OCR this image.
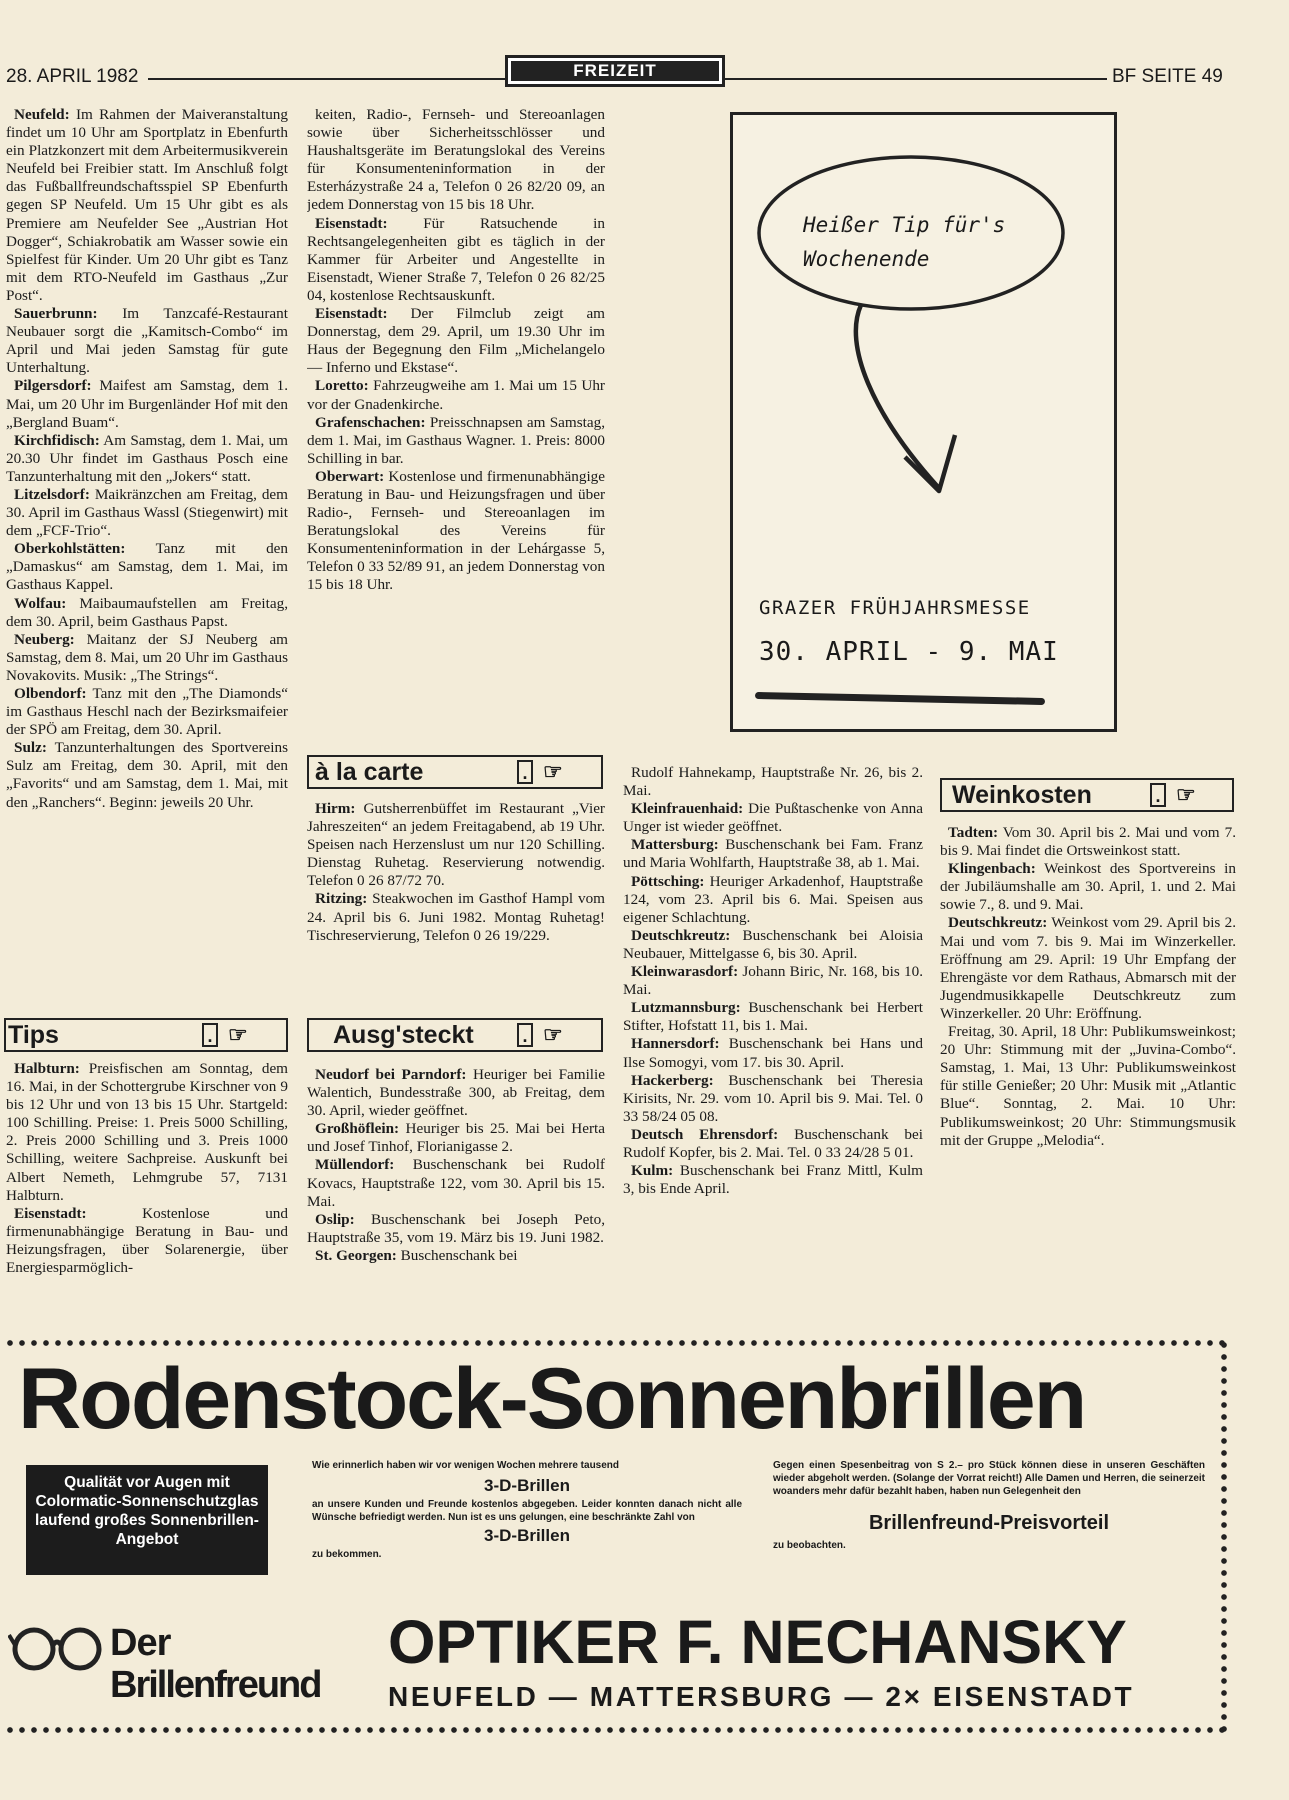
28. APRIL 1982	FREIZEIT	BF SEITE 49

Neufeld: Im Rahmen der Maiveranstaltung findet um 10 Uhr am Sportplatz in Ebenfurth ein Platzkonzert mit dem Arbeitermusikverein Neufeld bei Freibier statt. Im Anschluß folgt das Fußballfreundschaftsspiel SP Ebenfurth gegen SP Neufeld. Um 15 Uhr gibt es als Premiere am Neufelder See „Austrian Hot Dogger“, Schiakrobatik am Wasser sowie ein Spielfest für Kinder. Um 20 Uhr gibt es Tanz mit dem RTO-Neufeld im Gasthaus „Zur Post“.

Sauerbrunn: Im Tanzcafé-Restaurant Neubauer sorgt die „Kamitsch-Combo“ im April und Mai jeden Samstag für gute Unterhaltung.

Pilgersdorf: Maifest am Samstag, dem 1. Mai, um 20 Uhr im Burgenländer Hof mit den „Bergland Buam“.

Kirchfidisch: Am Samstag, dem 1. Mai, um 20.30 Uhr findet im Gasthaus Posch eine Tanzunterhaltung mit den „Jokers“ statt.

Litzelsdorf: Maikränzchen am Freitag, dem 30. April im Gasthaus Wassl (Stiegenwirt) mit dem „FCF-Trio“.

Oberkohlstätten: Tanz mit den „Damaskus“ am Samstag, dem 1. Mai, im Gasthaus Kappel.

Wolfau: Maibaumaufstellen am Freitag, dem 30. April, beim Gasthaus Papst.

Neuberg: Maitanz der SJ Neuberg am Samstag, dem 8. Mai, um 20 Uhr im Gasthaus Novakovits. Musik: „The Strings“.

Olbendorf: Tanz mit den „The Diamonds“ im Gasthaus Heschl nach der Bezirksmaifeier der SPÖ am Freitag, dem 30. April.

Sulz: Tanzunterhaltungen des Sportvereins Sulz am Freitag, dem 30. April, mit den „Favorits“ und am Samstag, dem 1. Mai, mit den „Ranchers“. Beginn: jeweils 20 Uhr.

Tips	. ☞

Halbturn: Preisfischen am Sonntag, dem 16. Mai, in der Schottergrube Kirschner von 9 bis 12 Uhr und von 13 bis 15 Uhr. Startgeld: 100 Schilling. Preise: 1. Preis 5000 Schilling, 2. Preis 2000 Schilling und 3. Preis 1000 Schilling, weitere Sachpreise. Auskunft bei Albert Nemeth, Lehmgrube 57, 7131 Halbturn.

Eisenstadt: Kostenlose und firmenunabhängige Beratung in Bau- und Heizungsfragen, über Solarenergie, über Energiesparmöglich-

keiten, Radio-, Fernseh- und Stereoanlagen sowie über Sicherheitsschlösser und Haushaltsgeräte im Beratungslokal des Vereins für Konsumenteninformation in der Esterházystraße 24 a, Telefon 0 26 82/20 09, an jedem Donnerstag von 15 bis 18 Uhr.

Eisenstadt: Für Ratsuchende in Rechtsangelegenheiten gibt es täglich in der Kammer für Arbeiter und Angestellte in Eisenstadt, Wiener Straße 7, Telefon 0 26 82/25 04, kostenlose Rechtsauskunft.

Eisenstadt: Der Filmclub zeigt am Donnerstag, dem 29. April, um 19.30 Uhr im Haus der Begegnung den Film „Michelangelo — Inferno und Ekstase“.

Loretto: Fahrzeugweihe am 1. Mai um 15 Uhr vor der Gnadenkirche.

Grafenschachen: Preisschnapsen am Samstag, dem 1. Mai, im Gasthaus Wagner. 1. Preis: 8000 Schilling in bar.

Oberwart: Kostenlose und firmenunabhängige Beratung in Bau- und Heizungsfragen und über Radio-, Fernseh- und Stereoanlagen im Beratungslokal des Vereins für Konsumenteninformation in der Lehárgasse 5, Telefon 0 33 52/89 91, an jedem Donnerstag von 15 bis 18 Uhr.

à la carte	. ☞

Hirm: Gutsherrenbüffet im Restaurant „Vier Jahreszeiten“ an jedem Freitagabend, ab 19 Uhr. Speisen nach Herzenslust um nur 120 Schilling. Dienstag Ruhetag. Reservierung notwendig. Telefon 0 26 87/72 70.

Ritzing: Steakwochen im Gasthof Hampl vom 24. April bis 6. Juni 1982. Montag Ruhetag! Tischreservierung, Telefon 0 26 19/229.

Ausg'steckt	. ☞

Neudorf bei Parndorf: Heuriger bei Familie Walentich, Bundesstraße 300, ab Freitag, dem 30. April, wieder geöffnet.

Großhöflein: Heuriger bis 25. Mai bei Herta und Josef Tinhof, Florianigasse 2.

Müllendorf: Buschenschank bei Rudolf Kovacs, Hauptstraße 122, vom 30. April bis 15. Mai.

Oslip: Buschenschank bei Joseph Peto, Hauptstraße 35, vom 19. März bis 19. Juni 1982.

St. Georgen: Buschenschank bei

Rudolf Hahnekamp, Hauptstraße Nr. 26, bis 2. Mai.

Kleinfrauenhaid: Die Pußtaschenke von Anna Unger ist wieder geöffnet.

Mattersburg: Buschenschank bei Fam. Franz und Maria Wohlfarth, Hauptstraße 38, ab 1. Mai.

Pöttsching: Heuriger Arkadenhof, Hauptstraße 124, vom 23. April bis 6. Mai. Speisen aus eigener Schlachtung.

Deutschkreutz: Buschenschank bei Aloisia Neubauer, Mittelgasse 6, bis 30. April.

Kleinwarasdorf: Johann Biric, Nr. 168, bis 10. Mai.

Lutzmannsburg: Buschenschank bei Herbert Stifter, Hofstatt 11, bis 1. Mai.

Hannersdorf: Buschenschank bei Hans und Ilse Somogyi, vom 17. bis 30. April.

Hackerberg: Buschenschank bei Theresia Kirisits, Nr. 29. vom 10. April bis 9. Mai. Tel. 0 33 58/24 05 08.

Deutsch Ehrensdorf: Buschenschank bei Rudolf Kopfer, bis 2. Mai. Tel. 0 33 24/28 5 01.

Kulm: Buschenschank bei Franz Mittl, Kulm 3, bis Ende April.

Weinkosten	. ☞

Tadten: Vom 30. April bis 2. Mai und vom 7. bis 9. Mai findet die Ortsweinkost statt.

Klingenbach: Weinkost des Sportvereins in der Jubiläumshalle am 30. April, 1. und 2. Mai sowie 7., 8. und 9. Mai.

Deutschkreutz: Weinkost vom 29. April bis 2. Mai und vom 7. bis 9. Mai im Winzerkeller. Eröffnung am 29. April: 19 Uhr Empfang der Ehrengäste vor dem Rathaus, Abmarsch mit der Jugendmusikkapelle Deutschkreutz zum Winzerkeller. 20 Uhr: Eröffnung.

Freitag, 30. April, 18 Uhr: Publikumsweinkost; 20 Uhr: Stimmung mit der „Juvina-Combo“. Samstag, 1. Mai, 13 Uhr: Publikumsweinkost für stille Genießer; 20 Uhr: Musik mit „Atlantic Blue“. Sonntag, 2. Mai. 10 Uhr: Publikumsweinkost; 20 Uhr: Stimmungsmusik mit der Gruppe „Melodia“.

Heißer Tip für's Wochenende
GRAZER FRÜHJAHRSMESSE
30. APRIL - 9. MAI
Rodenstock-Sonnenbrillen
Qualität vor Augen mit Colormatic-Sonnenschutzglas laufend großes Sonnenbrillen-Angebot
Wie erinnerlich haben wir vor wenigen Wochen mehrere tausend
3-D-Brillen
an unsere Kunden und Freunde kostenlos abgegeben. Leider konnten danach nicht alle Wünsche befriedigt werden. Nun ist es uns gelungen, eine beschränkte Zahl von
3-D-Brillen
zu bekommen.
Gegen einen Spesenbeitrag von S 2.– pro Stück können diese in unseren Geschäften wieder abgeholt werden. (Solange der Vorrat reicht!) Alle Damen und Herren, die seinerzeit woanders mehr dafür bezahlt haben, haben nun Gelegenheit den
Brillenfreund-Preisvorteil
zu beobachten.
Der
Brillenfreund
OPTIKER F. NECHANSKY
NEUFELD — MATTERSBURG — 2× EISENSTADT
